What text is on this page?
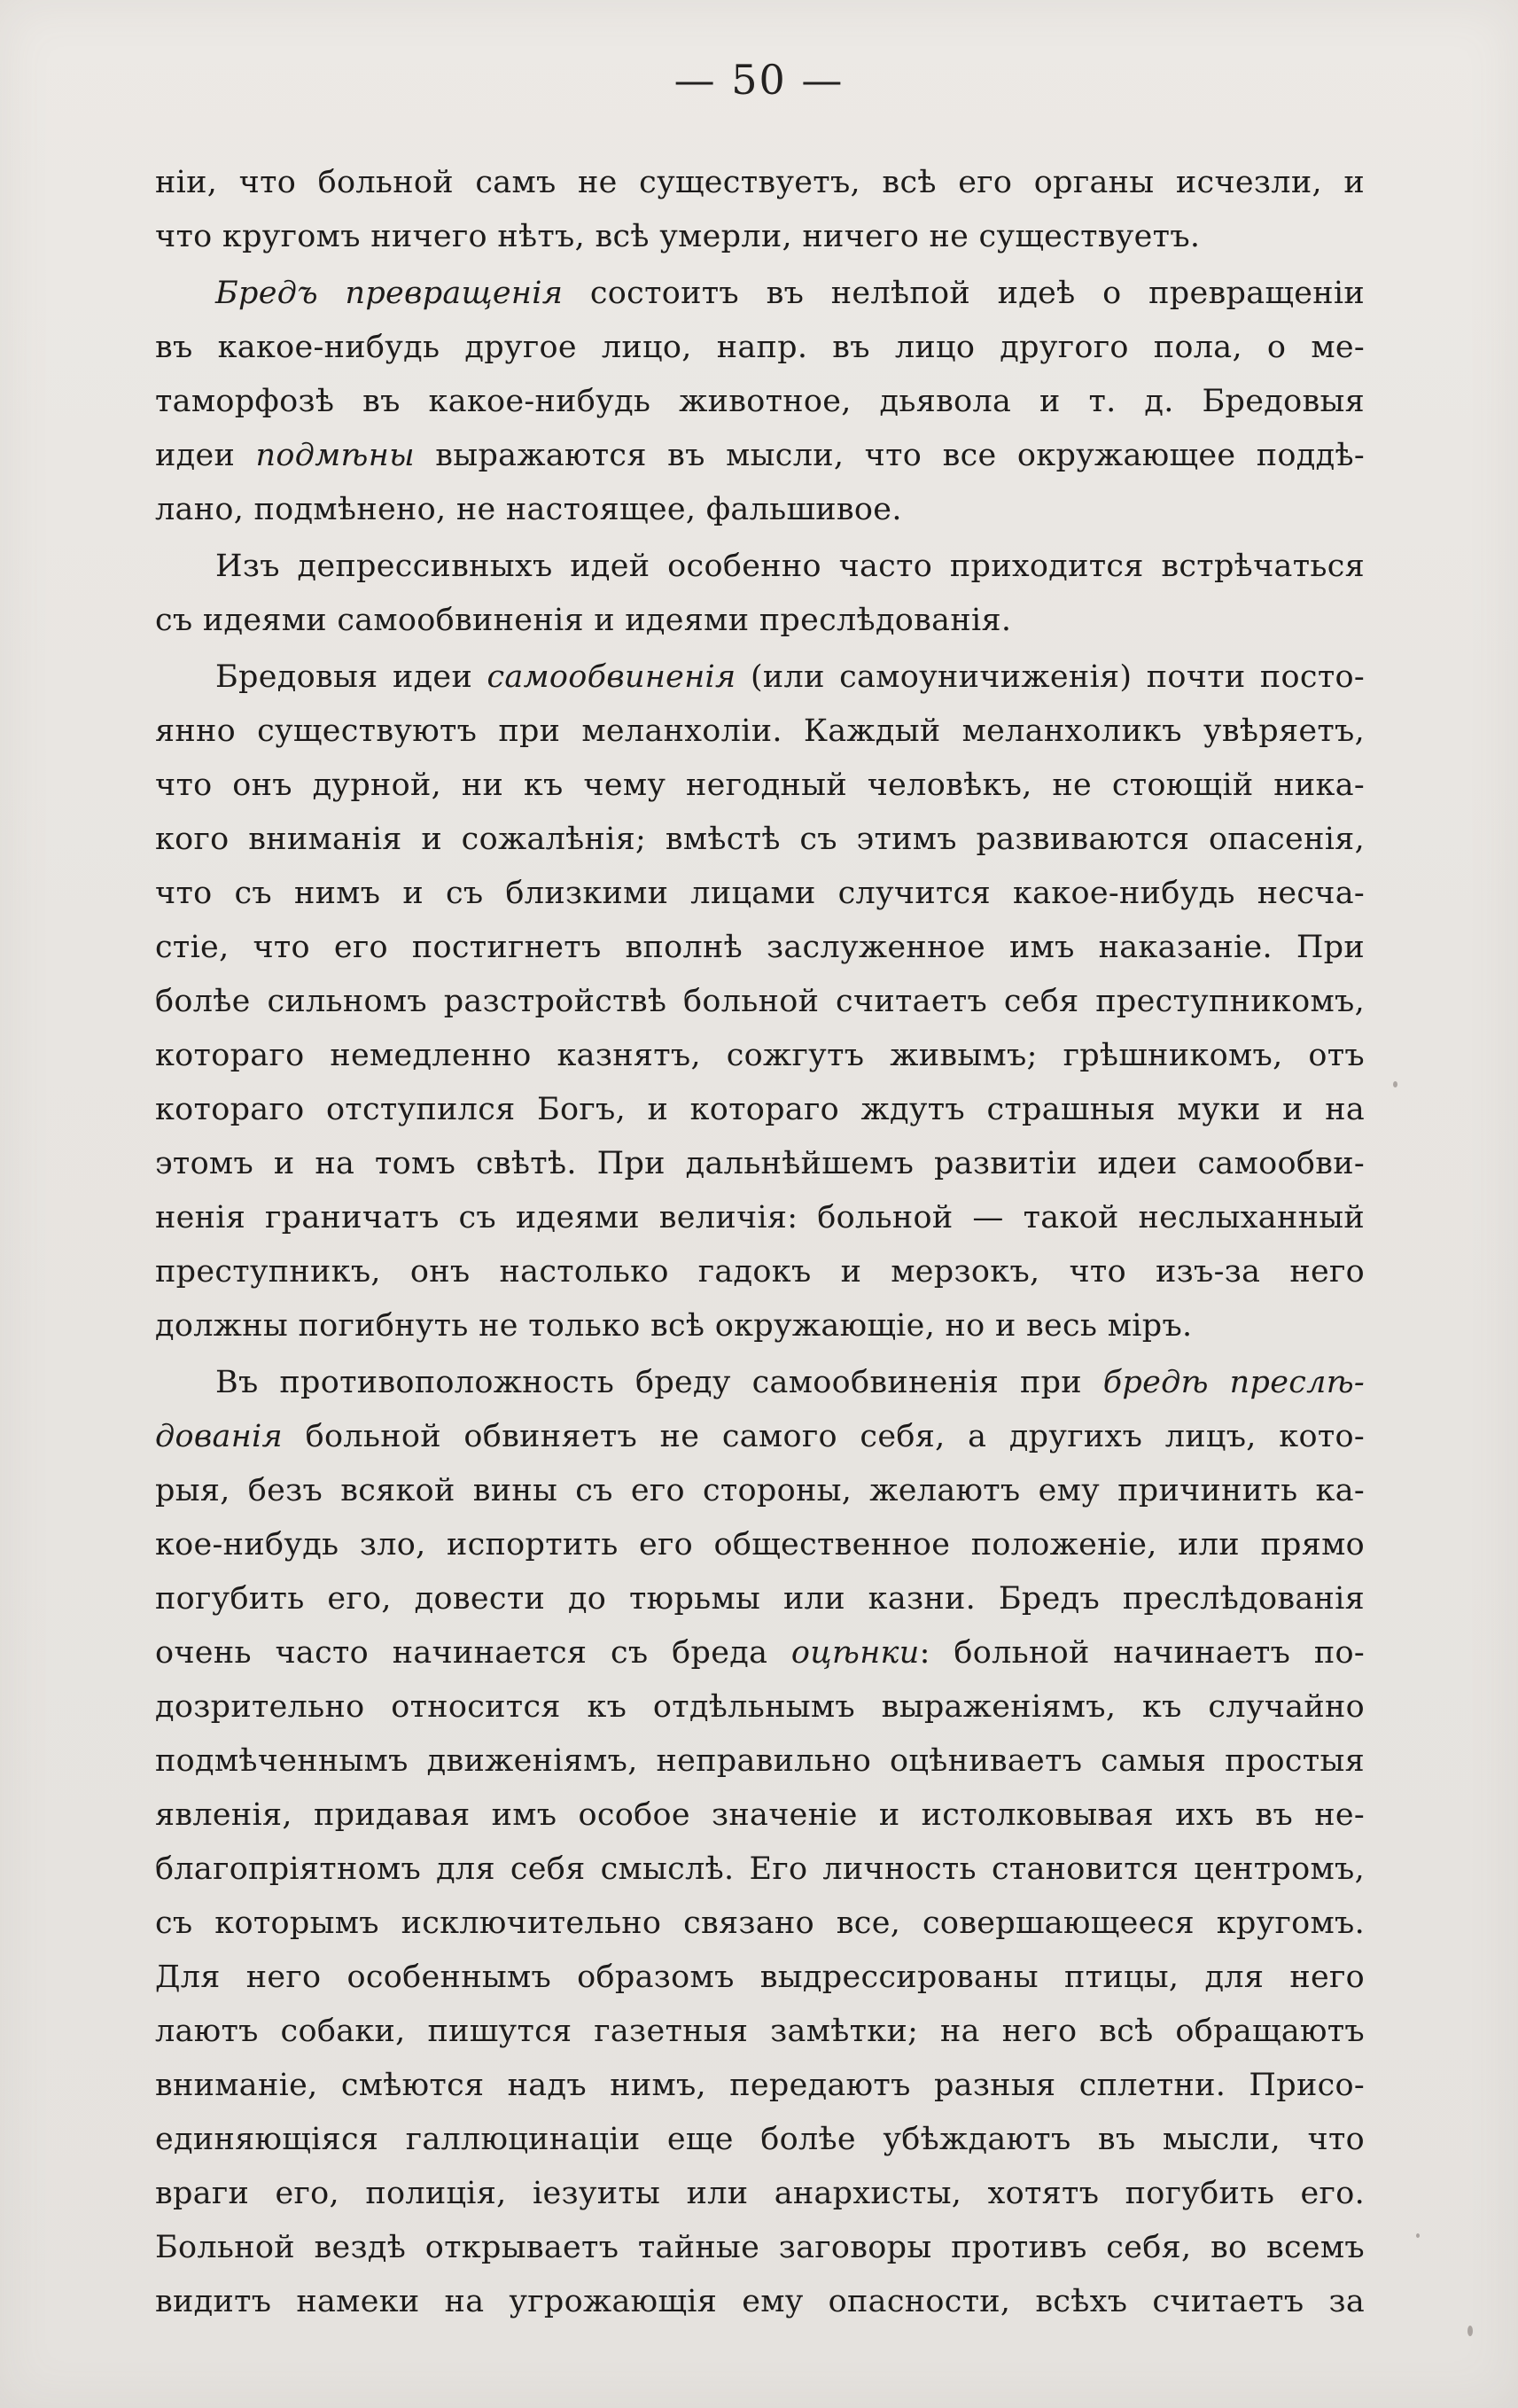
— 50 —
ніи, что больной самъ не существуетъ, всѣ его органы исчезли, и
что кругомъ ничего нѣтъ, всѣ умерли, ничего не существуетъ.
Бредъ превращенія состоитъ въ нелѣпой идеѣ о превращеніи
въ какое-нибудь другое лицо, напр. въ лицо другого пола, о ме-
таморфозѣ въ какое-нибудь животное, дьявола и т. д. Бредовыя
идеи подмѣны выражаются въ мысли, что все окружающее поддѣ-
лано, подмѣнено, не настоящее, фальшивое.
Изъ депрессивныхъ идей особенно часто приходится встрѣчаться
съ идеями самообвиненія и идеями преслѣдованія.
Бредовыя идеи самообвиненія (или самоуничиженія) почти посто-
янно существуютъ при меланхоліи. Каждый меланхоликъ увѣряетъ,
что онъ дурной, ни къ чему негодный человѣкъ, не стоющій ника-
кого вниманія и сожалѣнія; вмѣстѣ съ этимъ развиваются опасенія,
что съ нимъ и съ близкими лицами случится какое-нибудь несча-
стіе, что его постигнетъ вполнѣ заслуженное имъ наказаніе. При
болѣе сильномъ разстройствѣ больной считаетъ себя преступникомъ,
котораго немедленно казнятъ, сожгутъ живымъ; грѣшникомъ, отъ
котораго отступился Богъ, и котораго ждутъ страшныя муки и на
этомъ и на томъ свѣтѣ. При дальнѣйшемъ развитіи идеи самообви-
ненія граничатъ съ идеями величія: больной — такой неслыханный
преступникъ, онъ настолько гадокъ и мерзокъ, что изъ-за него
должны погибнуть не только всѣ окружающіе, но и весь міръ.
Въ противоположность бреду самообвиненія при бредѣ преслѣ-
дованія больной обвиняетъ не самого себя, а другихъ лицъ, кото-
рыя, безъ всякой вины съ его стороны, желаютъ ему причинить ка-
кое-нибудь зло, испортить его общественное положеніе, или прямо
погубить его, довести до тюрьмы или казни. Бредъ преслѣдованія
очень часто начинается съ бреда оцѣнки: больной начинаетъ по-
дозрительно относится къ отдѣльнымъ выраженіямъ, къ случайно
подмѣченнымъ движеніямъ, неправильно оцѣниваетъ самыя простыя
явленія, придавая имъ особое значеніе и истолковывая ихъ въ не-
благопріятномъ для себя смыслѣ. Его личность становится центромъ,
съ которымъ исключительно связано все, совершающееся кругомъ.
Для него особеннымъ образомъ выдрессированы птицы, для него
лаютъ собаки, пишутся газетныя замѣтки; на него всѣ обращаютъ
вниманіе, смѣются надъ нимъ, передаютъ разныя сплетни. Присо-
единяющіяся галлюцинаціи еще болѣе убѣждаютъ въ мысли, что
враги его, полиція, іезуиты или анархисты, хотятъ погубить его.
Больной вездѣ открываетъ тайные заговоры противъ себя, во всемъ
видитъ намеки на угрожающія ему опасности, всѣхъ считаетъ за
